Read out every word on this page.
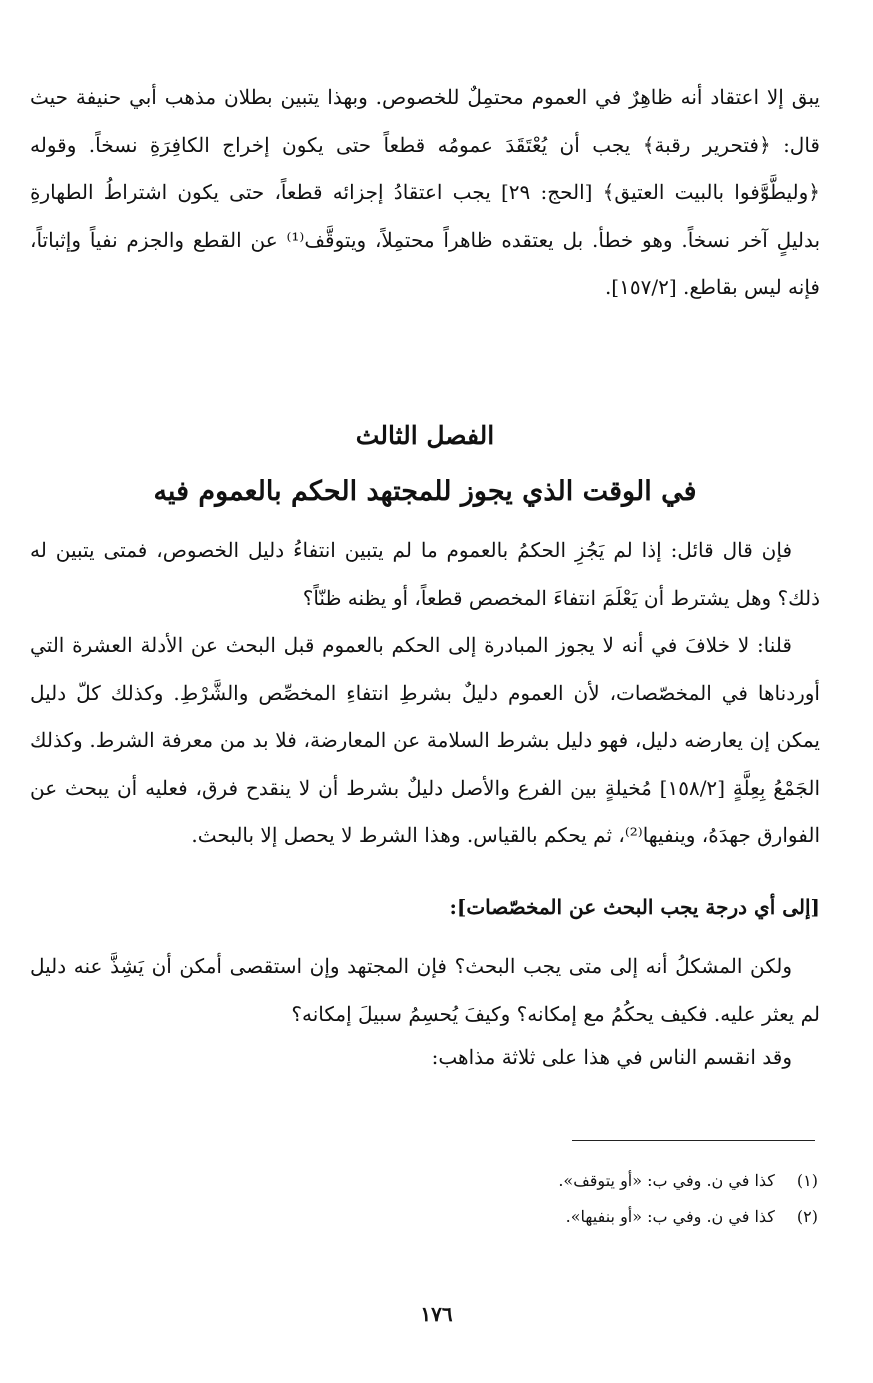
يبق إلا اعتقاد أنه ظاهِرٌ في العموم محتمِلٌ للخصوص. وبهذا يتبين بطلان مذهب أبي حنيفة حيث قال: ﴿فتحرير رقبة﴾ يجب أن يُعْتَقَدَ عمومُه قطعاً حتى يكون إخراج الكافِرَةِ نسخاً. وقوله ﴿وليطَّوَّفوا بالبيت العتيق﴾ [الحج: ٢٩] يجب اعتقادُ إجزائه قطعاً، حتى يكون اشتراطُ الطهارةِ بدليلٍ آخر نسخاً. وهو خطأ. بل يعتقده ظاهراً محتمِلاً، ويتوقَّف⁽¹⁾ عن القطع والجزم نفياً وإثباتاً، فإنه ليس بقاطع. [١٥٧/٢].

الفصل الثالث
في الوقت الذي يجوز للمجتهد الحكم بالعموم فيه

فإن قال قائل: إذا لم يَجُزِ الحكمُ بالعموم ما لم يتبين انتفاءُ دليل الخصوص، فمتى يتبين له ذلك؟ وهل يشترط أن يَعْلَمَ انتفاءَ المخصص قطعاً، أو يظنه ظنّاً؟

قلنا: لا خلافَ في أنه لا يجوز المبادرة إلى الحكم بالعموم قبل البحث عن الأدلة العشرة التي أوردناها في المخصّصات، لأن العموم دليلٌ بشرطِ انتفاءِ المخصِّص والشَّرْطِ. وكذلك كلّ دليل يمكن إن يعارضه دليل، فهو دليل بشرط السلامة عن المعارضة، فلا بد من معرفة الشرط. وكذلك الجَمْعُ بِعِلَّةٍ [١٥٨/٢] مُخيلةٍ بين الفرع والأصل دليلٌ بشرط أن لا ينقدح فرق، فعليه أن يبحث عن الفوارق جهدَهُ، وينفيها⁽²⁾، ثم يحكم بالقياس. وهذا الشرط لا يحصل إلا بالبحث.

[إلى أي درجة يجب البحث عن المخصّصات]:

ولكن المشكلُ أنه إلى متى يجب البحث؟ فإن المجتهد وإن استقصى أمكن أن يَشِذَّ عنه دليل لم يعثر عليه. فكيف يحكُمُ مع إمكانه؟ وكيفَ يُحسِمُ سبيلَ إمكانه؟

وقد انقسم الناس في هذا على ثلاثة مذاهب:

(١)كذا في ن. وفي ب: «أو يتوقف».

(٢)كذا في ن. وفي ب: «أو بنفيها».

١٧٦
